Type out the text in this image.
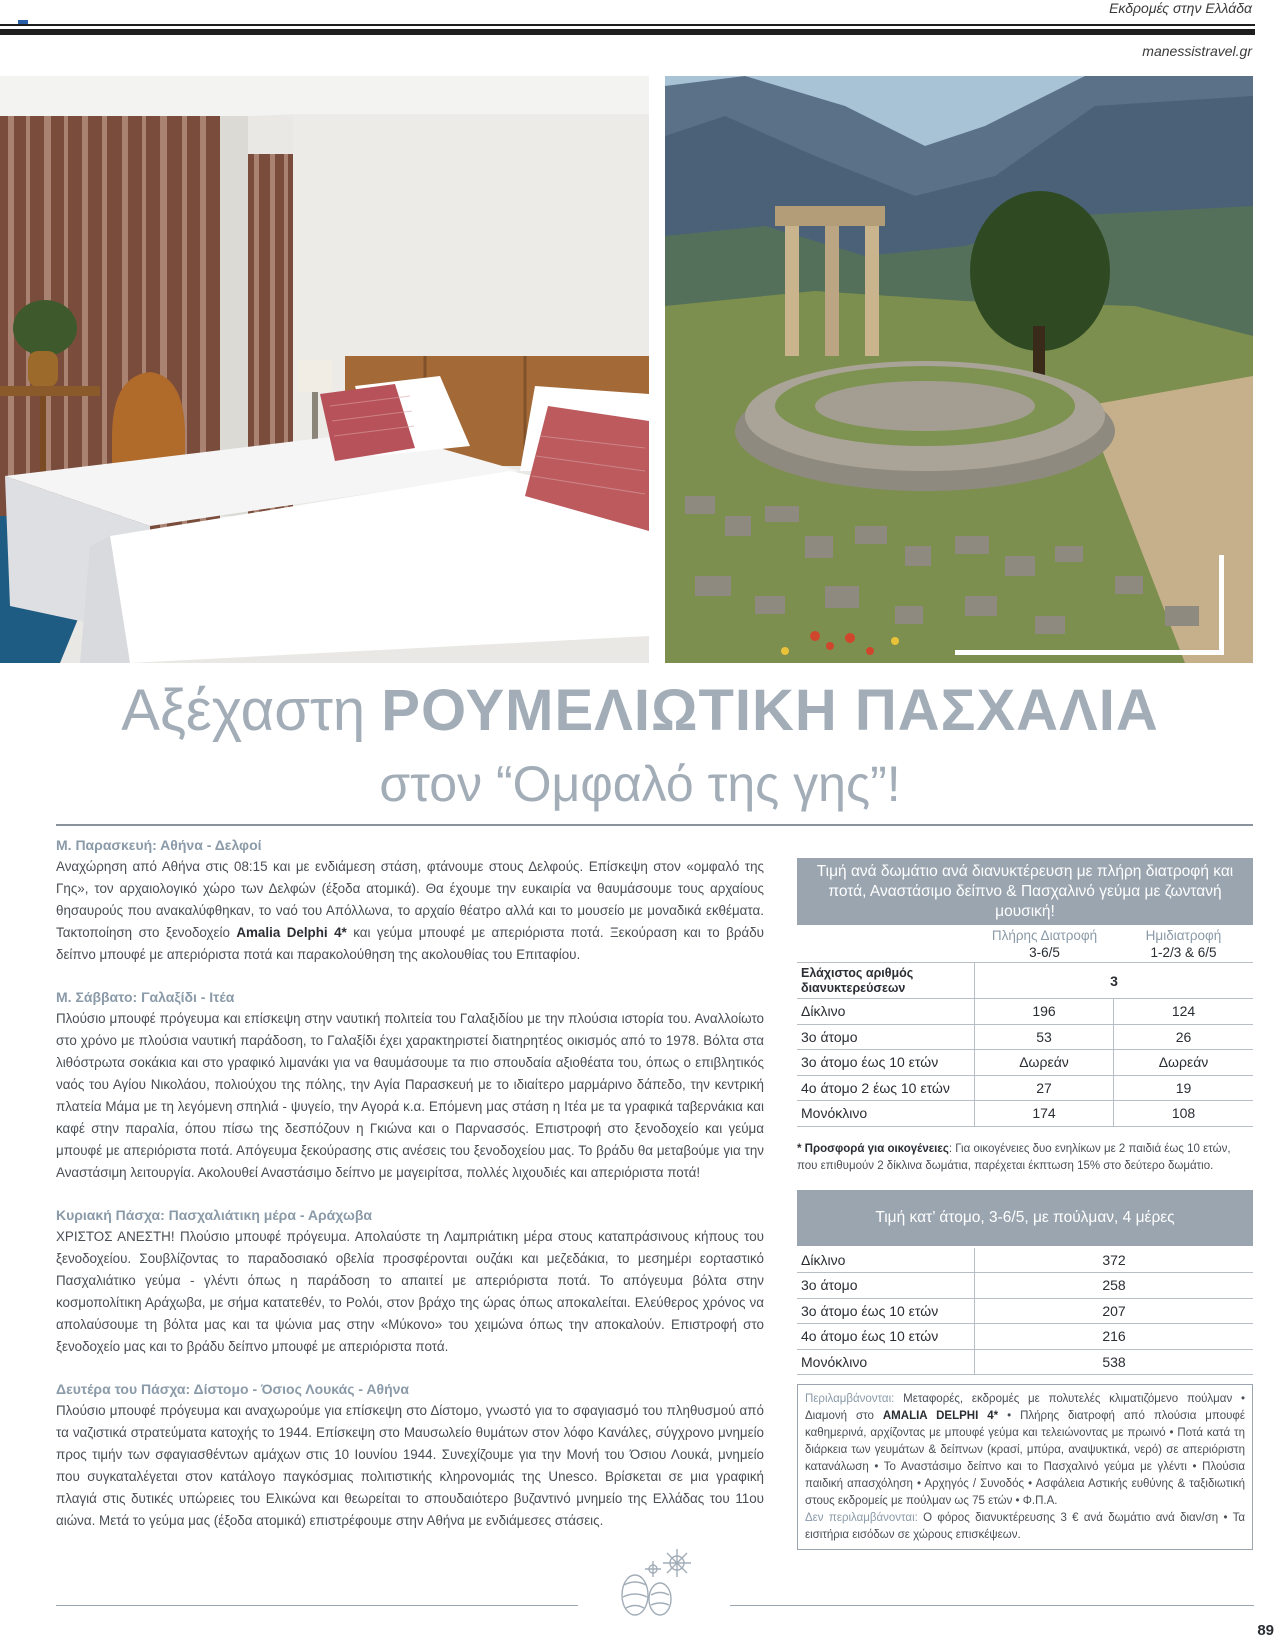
Εκδρομές στην Ελλάδα
manessistravel.gr
Αξέχαστη ΡΟΥΜΕΛΙΩΤΙΚΗ ΠΑΣΧΑΛΙΑ
στον “Ομφαλό της γης”!
Μ. Παρασκευή: Αθήνα - Δελφοί
Αναχώρηση από Αθήνα στις 08:15 και με ενδιάμεση στάση, φτάνουμε στους Δελφούς. Επίσκεψη στον «ομφαλό της Γης», τον αρχαιολογικό χώρο των Δελφών (έξοδα ατομικά). Θα έχουμε την ευκαιρία να θαυμάσουμε τους αρχαίους θησαυρούς που ανακαλύφθηκαν, το ναό του Απόλλωνα, το αρχαίο θέατρο αλλά και το μουσείο με μοναδικά εκθέματα. Τακτοποίηση στο ξενοδοχείο Amalia Delphi 4* και γεύμα μπουφέ με απεριόριστα ποτά. Ξεκούραση και το βράδυ δείπνο μπουφέ με απεριόριστα ποτά και παρακολούθηση της ακολουθίας του Επιταφίου.
Μ. Σάββατο: Γαλαξίδι - Ιτέα
Πλούσιο μπουφέ πρόγευμα και επίσκεψη στην ναυτική πολιτεία του Γαλαξιδίου με την πλούσια ιστορία του. Αναλλοίωτο στο χρόνο με πλούσια ναυτική παράδοση, το Γαλαξίδι έχει χαρακτηριστεί διατηρητέος οικισμός από το 1978. Βόλτα στα λιθόστρωτα σοκάκια και στο γραφικό λιμανάκι για να θαυμάσουμε τα πιο σπουδαία αξιοθέατα του, όπως ο επιβλητικός ναός του Αγίου Νικολάου, πολιούχου της πόλης, την Αγία Παρασκευή με το ιδιαίτερο μαρμάρινο δάπεδο, την κεντρική πλατεία Μάμα με τη λεγόμενη σπηλιά - ψυγείο, την Αγορά κ.α. Επόμενη μας στάση η Ιτέα με τα γραφικά ταβερνάκια και καφέ στην παραλία, όπου πίσω της δεσπόζουν η Γκιώνα και ο Παρνασσός. Επιστροφή στο ξενοδοχείο και γεύμα μπουφέ με απεριόριστα ποτά. Απόγευμα ξεκούρασης στις ανέσεις του ξενοδοχείου μας. Το βράδυ θα μεταβούμε για την Αναστάσιμη λειτουργία. Ακολουθεί Αναστάσιμο δείπνο με μαγειρίτσα, πολλές λιχουδιές και απεριόριστα ποτά!
Κυριακή Πάσχα: Πασχαλιάτικη μέρα - Αράχωβα
ΧΡΙΣΤΟΣ ΑΝΕΣΤΗ! Πλούσιο μπουφέ πρόγευμα. Απολαύστε τη Λαμπριάτικη μέρα στους καταπράσινους κήπους του ξενοδοχείου. Σουβλίζοντας το παραδοσιακό οβελία προσφέρονται ουζάκι και μεζεδάκια, το μεσημέρι εορταστικό Πασχαλιάτικο γεύμα - γλέντι όπως η παράδοση το απαιτεί με απεριόριστα ποτά. Το απόγευμα βόλτα στην κοσμοπολίτικη Αράχωβα, με σήμα κατατεθέν, το Ρολόι, στον βράχο της ώρας όπως αποκαλείται. Ελεύθερος χρόνος να απολαύσουμε τη βόλτα μας και τα ψώνια μας στην «Μύκονο» του χειμώνα όπως την αποκαλούν. Επιστροφή στο ξενοδοχείο μας και το βράδυ δείπνο μπουφέ με απεριόριστα ποτά.
Δευτέρα του Πάσχα: Δίστομο - Όσιος Λουκάς - Αθήνα
Πλούσιο μπουφέ πρόγευμα και αναχωρούμε για επίσκεψη στο Δίστομο, γνωστό για το σφαγιασμό του πληθυσμού από τα ναζιστικά στρατεύματα κατοχής το 1944. Επίσκεψη στο Μαυσωλείο θυμάτων στον λόφο Κανάλες, σύγχρονο μνημείο προς τιμήν των σφαγιασθέντων αμάχων στις 10 Ιουνίου 1944. Συνεχίζουμε για την Μονή του Όσιου Λουκά, μνημείο που συγκαταλέγεται στον κατάλογο παγκόσμιας πολιτιστικής κληρονομιάς της Unesco. Βρίσκεται σε μια γραφική πλαγιά στις δυτικές υπώρειες του Ελικώνα και θεωρείται το σπουδαιότερο βυζαντινό μνημείο της Ελλάδας του 11ου αιώνα. Μετά το γεύμα μας (έξοδα ατομικά) επιστρέφουμε στην Αθήνα με ενδιάμεσες στάσεις.
Τιμή ανά δωμάτιο ανά διανυκτέρευση με πλήρη διατροφή και ποτά, Αναστάσιμο δείπνο & Πασχαλινό γεύμα με ζωντανή μουσική!
Πλήρης Διατροφή
3-6/5
Ημιδιατροφή
1-2/3 & 6/5
Ελάχιστος αριθμός διανυκτερεύσεων	3
Δίκλινο	196	124
3ο άτομο	53	26
3ο άτομο έως 10 ετών	Δωρεάν	Δωρεάν
4ο άτομο 2 έως 10 ετών	27	19
Μονόκλινο	174	108
* Προσφορά για οικογένειες: Για οικογένειες δυο ενηλίκων με 2 παιδιά έως 10 ετών, που επιθυμούν 2 δίκλινα δωμάτια, παρέχεται έκπτωση 15% στο δεύτερο δωμάτιο.
Τιμή κατ’ άτομο, 3-6/5, με πούλμαν, 4 μέρες
Δίκλινο	372
3ο άτομο	258
3ο άτομο έως 10 ετών	207
4ο άτομο έως 10 ετών	216
Μονόκλινο	538
Περιλαμβάνονται: Μεταφορές, εκδρομές με πολυτελές κλιματιζόμενο πούλμαν • Διαμονή στο AMALIA DELPHI 4* • Πλήρης διατροφή από πλούσια μπουφέ καθημερινά, αρχίζοντας με μπουφέ γεύμα και τελειώνοντας με πρωινό • Ποτά κατά τη διάρκεια των γευμάτων & δείπνων (κρασί, μπύρα, αναψυκτικά, νερό) σε απεριόριστη κατανάλωση • Το Αναστάσιμο δείπνο και το Πασχαλινό γεύμα με γλέντι • Πλούσια παιδική απασχόληση • Αρχηγός / Συνοδός • Ασφάλεια Αστικής ευθύνης & ταξιδιωτική στους εκδρομείς με πούλμαν ως 75 ετών • Φ.Π.Α.
Δεν περιλαμβάνονται: Ο φόρος διανυκτέρευσης 3 € ανά δωμάτιο ανά διαν/ση • Τα εισιτήρια εισόδων σε χώρους επισκέψεων.
89
